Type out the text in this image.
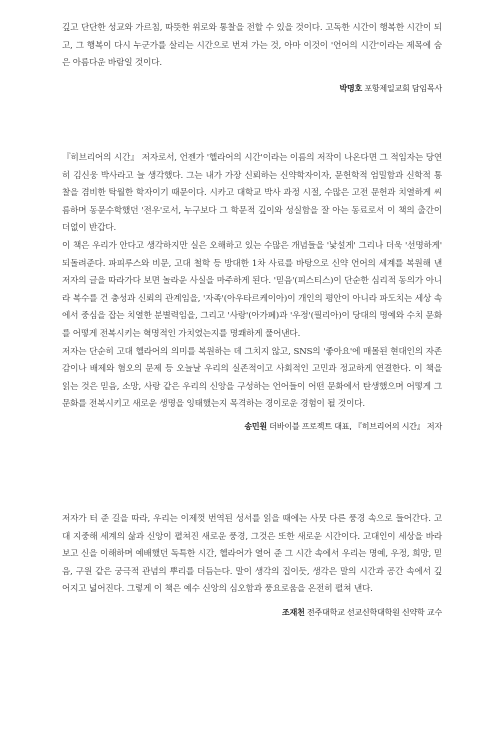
깊고 단단한 성교와 가르침, 따뜻한 위로와 통찰을 전할 수 있을 것이다. 고독한 시간이 행복한 시간이 되고, 그 행복이 다시 누군가를 살리는 시간으로 번져 가는 것, 아마 이것이 '언어의 시간'이라는 제목에 숨은 아름다운 바람일 것이다.

박명호 포항제일교회 담임목사

『히브리어의 시간』 저자로서, 언젠가 '헬라어의 시간'이라는 이름의 저작이 나온다면 그 적임자는 당연히 김신웅 박사라고 늘 생각했다. 그는 내가 가장 신뢰하는 신약학자이자, 문헌학적 엄밀함과 신학적 통찰을 겸비한 탁월한 학자이기 때문이다. 시카고 대학교 박사 과정 시절, 수많은 고전 문헌과 치열하게 씨름하며 동문수학했던 '전우'로서, 누구보다 그 학문적 깊이와 성실함을 잘 아는 동료로서 이 책의 출간이 더없이 반갑다.

이 책은 우리가 안다고 생각하지만 실은 오해하고 있는 수많은 개념들을 '낯설게' 그리나 더욱 '선명하게' 되돌려준다. 파피루스와 비문, 고대 철학 등 방대한 1차 사료를 바탕으로 신약 언어의 세계를 복원해 낸 저자의 글을 따라가다 보면 놀라운 사실을 마주하게 된다. '믿음'(피스티스)이 단순한 심리적 동의가 아니라 복수를 건 충성과 신뢰의 관계임을, '자족'(아우타르케이아)이 개인의 평안이 아니라 파도치는 세상 속에서 중심을 잡는 치열한 분별력임을, 그리고 '사랑'(아가페)과 '우정'(필리아)이 당대의 명예와 수치 문화를 어떻게 전복시키는 혁명적인 가치였는지를 명쾌하게 풀어낸다.

저자는 단순히 고대 헬라어의 의미를 복원하는 데 그치지 않고, SNS의 '좋아요'에 매몰된 현대인의 자존감이나 배제와 혐오의 문제 등 오늘날 우리의 실존적이고 사회적인 고민과 정교하게 연결한다. 이 책을 읽는 것은 믿음, 소망, 사랑 같은 우리의 신앙을 구성하는 언어들이 어떤 문화에서 탄생했으며 어떻게 그 문화를 전복시키고 새로운 생명을 잉태했는지 목격하는 경이로운 경험이 될 것이다.

송민원 더바이블 프로젝트 대표, 『히브리어의 시간』 저자

저자가 터 준 길을 따라, 우리는 이제껏 번역된 성서를 읽을 때에는 사뭇 다른 풍경 속으로 들어간다. 고대 지중해 세계의 삶과 신앙이 펼쳐진 새로운 풍경, 그것은 또한 새로운 시간이다. 고대인이 세상을 바라보고 신을 이해하며 예배했던 독특한 시간, 헬라어가 열어 준 그 시간 속에서 우리는 명예, 우정, 희망, 믿음, 구원 같은 궁극적 관념의 뿌리를 더듬는다. 말이 생각의 집이듯, 생각은 말의 시간과 공간 속에서 깊어지고 넓어진다. 그렇게 이 책은 예수 신앙의 심오함과 풍요로움을 온전히 펼쳐 낸다.

조재천 전주대학교 선교신학대학원 신약학 교수
